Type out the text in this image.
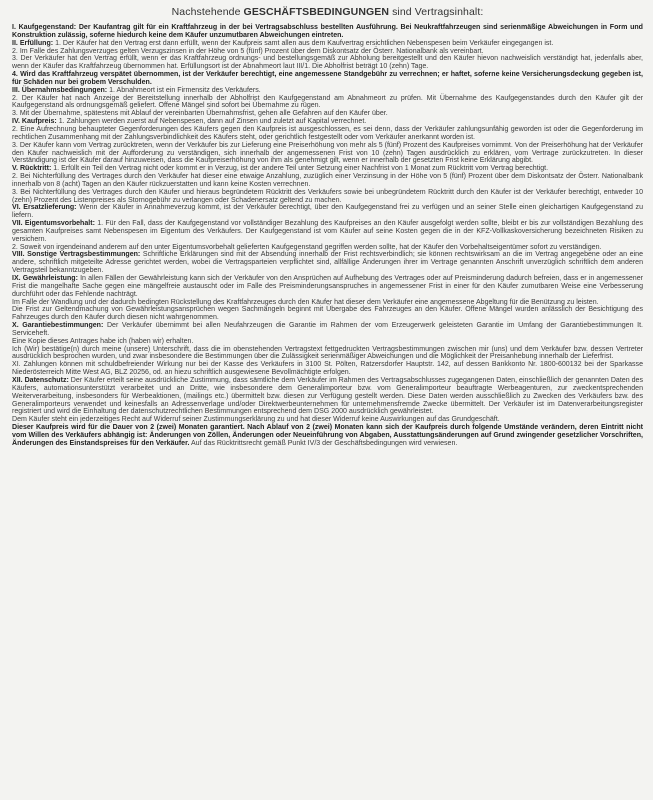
Nachstehende GESCHÄFTSBEDINGUNGEN sind Vertragsinhalt:

I. Kaufgegenstand: Der Kaufantrag gilt für ein Kraftfahrzeug in der bei Vertragsabschluss bestellten Ausführung. Bei Neukraftfahrzeugen sind serienmäßige Abweichungen in Form und Konstruktion zulässig, soferne hiedurch keine dem Käufer unzumutbaren Abweichungen eintreten.

II. Erfüllung: 1. Der Käufer hat den Vertrag erst dann erfüllt, wenn der Kaufpreis samt allen aus dem Kaufvertrag ersichtlichen Nebenspesen beim Verkäufer eingegangen ist.

2. Im Falle des Zahlungsverzuges gelten Verzugszinsen in der Höhe von 5 (fünf) Prozent über dem Diskontsatz der Österr. Nationalbank als vereinbart.

3. Der Verkäufer hat den Vertrag erfüllt, wenn er das Kraftfahrzeug ordnungs- und bestellungsgemäß zur Abholung bereitgestellt und den Käufer hievon nachweislich verständigt hat, jedenfalls aber, wenn der Käufer das Kraftfahrzeug übernommen hat. Erfüllungsort ist der Abnahmeort laut III/1. Die Abholfrist beträgt 10 (zehn) Tage.

4. Wird das Kraftfahrzeug verspätet übernommen, ist der Verkäufer berechtigt, eine angemessene Standgebühr zu verrechnen; er haftet, soferne keine Versicherungsdeckung gegeben ist, für Schäden nur bei grobem Verschulden.

III. Übernahmsbedingungen: 1. Abnahmeort ist ein Firmensitz des Verkäufers.

2. Der Käufer hat nach Anzeige der Bereitstellung innerhalb der Abholfrist den Kaufgegenstand am Abnahmeort zu prüfen. Mit Übernahme des Kaufgegenstandes durch den Käufer gilt der Kaufgegenstand als ordnungsgemäß geliefert. Offene Mängel sind sofort bei Übernahme zu rügen.

3. Mit der Übernahme, spätestens mit Ablauf der vereinbarten Übernahmsfrist, gehen alle Gefahren auf den Käufer über.

IV. Kaufpreis: 1. Zahlungen werden zuerst auf Nebenspesen, dann auf Zinsen und zuletzt auf Kapital verrechnet.

2. Eine Aufrechnung behaupteter Gegenforderungen des Käufers gegen den Kaufpreis ist ausgeschlossen, es sei denn, dass der Verkäufer zahlungsunfähig geworden ist oder die Gegenforderung im rechtlichen Zusammenhang mit der Zahlungsverbindlichkeit des Käufers steht, oder gerichtlich festgestellt oder vom Verkäufer anerkannt worden ist.

3. Der Käufer kann vom Vertrag zurücktreten, wenn der Verkäufer bis zur Lieferung eine Preiserhöhung von mehr als 5 (fünf) Prozent des Kaufpreises vornimmt. Von der Preiserhöhung hat der Verkäufer den Käufer nachweislich mit der Aufforderung zu verständigen, sich innerhalb der angemessenen Frist von 10 (zehn) Tagen ausdrücklich zu erklären, vom Vertrage zurückzutreten. In dieser Verständigung ist der Käufer darauf hinzuweisen, dass die Kaufpreiserhöhung von ihm als genehmigt gilt, wenn er innerhalb der gesetzten Frist keine Erklärung abgibt.

V. Rücktritt: 1. Erfüllt ein Teil den Vertrag nicht oder kommt er in Verzug, ist der andere Teil unter Setzung einer Nachfrist von 1 Monat zum Rücktritt vom Vertrag berechtigt.

2. Bei Nichterfüllung des Vertrages durch den Verkäufer hat dieser eine etwaige Anzahlung, zuzüglich einer Verzinsung in der Höhe von 5 (fünf) Prozent über dem Diskontsatz der Österr. Nationalbank innerhalb von 8 (acht) Tagen an den Käufer rückzuerstatten und kann keine Kosten verrechnen.

3. Bei Nichterfüllung des Vertrages durch den Käufer und hieraus begründetem Rücktritt des Verkäufers sowie bei unbegründetem Rücktritt durch den Käufer ist der Verkäufer berechtigt, entweder 10 (zehn) Prozent des Listenpreises als Stornogebühr zu verlangen oder Schadenersatz geltend zu machen.

VI. Ersatzlieferung: Wenn der Käufer in Annahmeverzug kommt, ist der Verkäufer berechtigt, über den Kaufgegenstand frei zu verfügen und an seiner Stelle einen gleichartigen Kaufgegenstand zu liefern.

VII. Eigentumsvorbehalt: 1. Für den Fall, dass der Kaufgegenstand vor vollständiger Bezahlung des Kaufpreises an den Käufer ausgefolgt werden sollte, bleibt er bis zur vollständigen Bezahlung des gesamten Kaufpreises samt Nebenspesen im Eigentum des Verkäufers. Der Kaufgegenstand ist vom Käufer auf seine Kosten gegen die in der KFZ-Vollkaskoversicherung bezeichneten Risiken zu versichern.

2. Soweit von irgendeinand anderem auf den unter Eigentumsvorbehalt gelieferten Kaufgegenstand gegriffen werden sollte, hat der Käufer den Vorbehaltseigentümer sofort zu verständigen.

VIII. Sonstige Vertragsbestimmungen: Schriftliche Erklärungen sind mit der Absendung innerhalb der Frist rechtsverbindlich; sie können rechtswirksam an die im Vertrag angegebene oder an eine andere, schriftlich mitgeteilte Adresse gerichtet werden, wobei die Vertragsparteien verpflichtet sind, allfällige Änderungen ihrer im Vertrage genannten Anschrift unverzüglich schriftlich dem anderen Vertragsteil bekanntzugeben.

IX. Gewährleistung: In allen Fällen der Gewährleistung kann sich der Verkäufer von den Ansprüchen auf Aufhebung des Vertrages oder auf Preisminderung dadurch befreien, dass er in angemessener Frist die mangelhafte Sache gegen eine mängelfreie austauscht oder im Falle des Preisminderungsanspruches in angemessener Frist in einer für den Käufer zumutbaren Weise eine Verbesserung durchführt oder das Fehlende nachträgt.

Im Falle der Wandlung und der dadurch bedingten Rückstellung des Kraftfahrzeuges durch den Käufer hat dieser dem Verkäufer eine angemessene Abgeltung für die Benützung zu leisten.

Die Frist zur Geltendmachung von Gewährleistungsansprüchen wegen Sachmängeln beginnt mit Übergabe des Fahrzeuges an den Käufer. Offene Mängel wurden anlässlich der Besichtigung des Fahrzeuges durch den Käufer durch diesen nicht wahrgenommen.

X. Garantiebestimmungen: Der Verkäufer übernimmt bei allen Neufahrzeugen die Garantie im Rahmen der vom Erzeugerwerk geleisteten Garantie im Umfang der Garantiebestimmungen It. Serviceheft.

Eine Kopie dieses Antrages habe ich (haben wir) erhalten.

Ich (Wir) bestätige(n) durch meine (unsere) Unterschrift, dass die im obenstehenden Vertragstext fettgedruckten Vertragsbestimmungen zwischen mir (uns) und dem Verkäufer bzw. dessen Vertreter ausdrücklich besprochen wurden, und zwar insbesondere die Bestimmungen über die Zulässigkeit serienmäßiger Abweichungen und die Möglichkeit der Preisanhebung innerhalb der Lieferfrist.

XI. Zahlungen können mit schuldbefreiender Wirkung nur bei der Kasse des Verkäufers in 3100 St. Pölten, Ratzersdorfer Hauptstr. 142, auf dessen Bankkonto Nr. 1800-600132 bei der Sparkasse Niederösterreich Mitte West AG, BLZ 20256, od. an hiezu schriftlich ausgewiesene Bevollmächtigte erfolgen.

XII. Datenschutz: Der Käufer erteilt seine ausdrückliche Zustimmung, dass sämtliche dem Verkäufer im Rahmen des Vertragsabschlusses zugegangenen Daten, einschließlich der genannten Daten des Käufers, automationsunterstützt verarbeitet und an Dritte, wie insbesondere dem Generalimporteur bzw. vom Generalimporteur beauftragte Werbeagenturen, zur zweckentsprechenden Weiterverarbeitung, insbesonders für Werbeaktionen, (mailings etc.) übermittelt bzw. diesen zur Verfügung gestellt werden. Diese Daten werden ausschließlich zu Zwecken des Verkäufers bzw. des Generalimporteurs verwendet und keinesfalls an Adressenverlage und/oder Direktwerbeunternehmen für unternehmensfremde Zwecke übermittelt. Der Verkäufer ist im Datenverarbeitungsregister registriert und wird die Einhaltung der datenschutzrechtlichen Bestimmungen entsprechend dem DSG 2000 ausdrücklich gewährleistet.

Dem Käufer steht ein jederzeitiges Recht auf Widerruf seiner Zustimmungserklärung zu und hat dieser Widerruf keine Auswirkungen auf das Grundgeschäft.

Dieser Kaufpreis wird für die Dauer von 2 (zwei) Monaten garantiert. Nach Ablauf von 2 (zwei) Monaten kann sich der Kaufpreis durch folgende Umstände verändern, deren Eintritt nicht vom Willen des Verkäufers abhängig ist: Änderungen von Zöllen, Änderungen oder Neueinführung von Abgaben, Ausstattungsänderungen auf Grund zwingender gesetzlicher Vorschriften, Änderungen des Einstandspreises für den Verkäufer. Auf das Rücktrittsrecht gemäß Punkt IV/3 der Geschäftsbedingungen wird verwiesen.
